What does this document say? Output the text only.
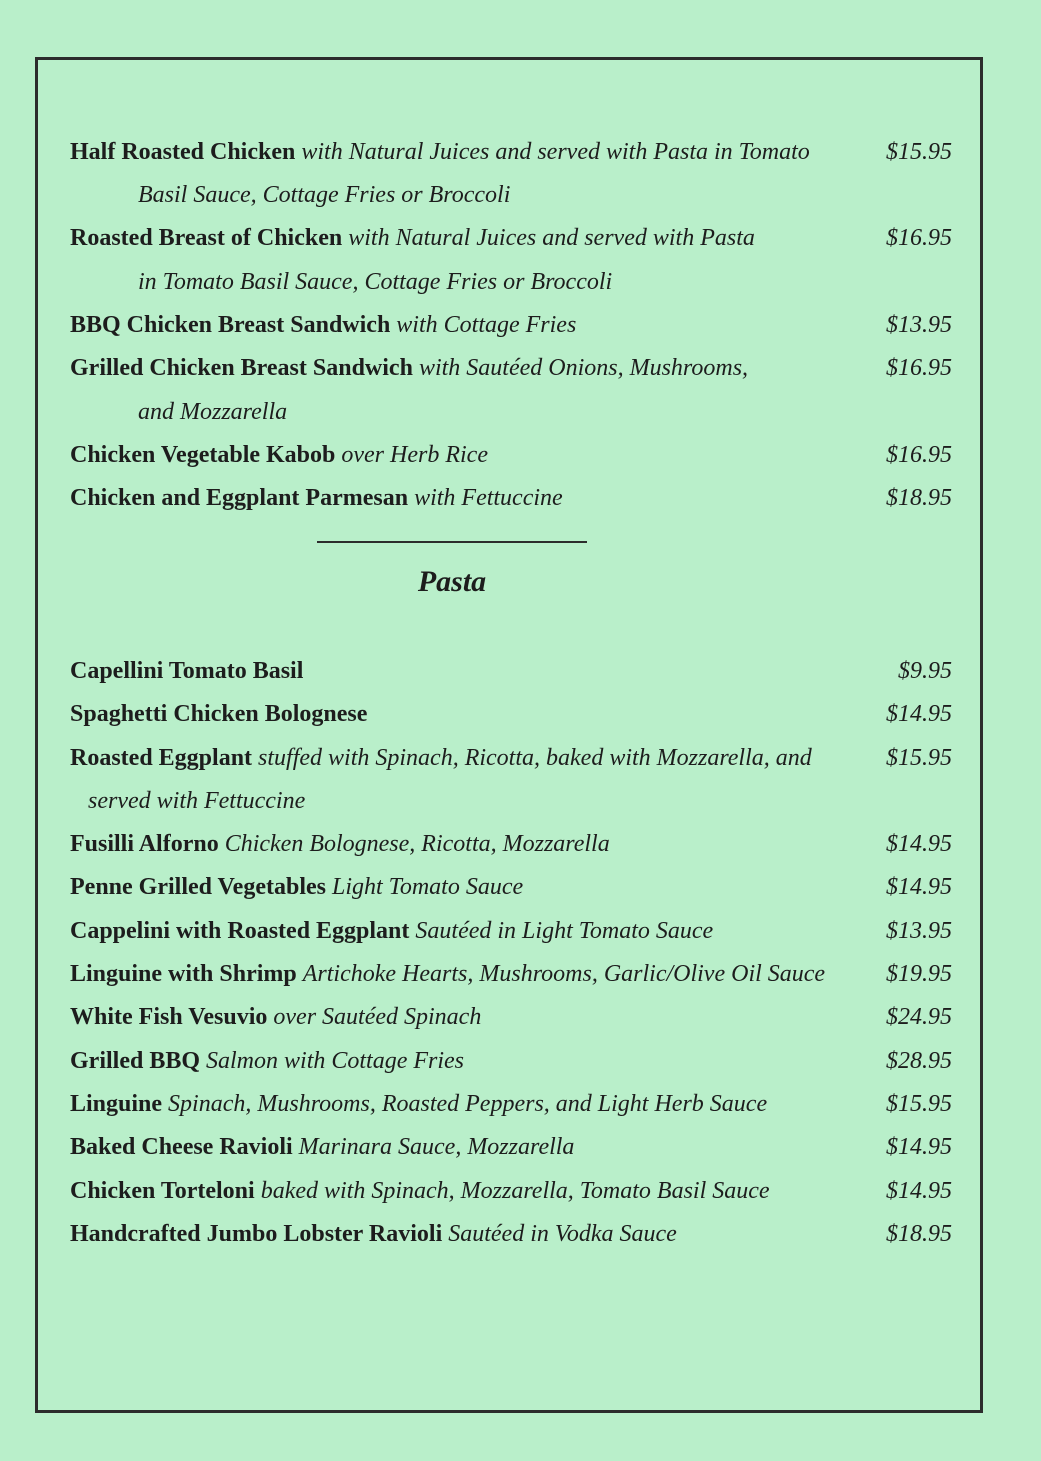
Half Roasted Chicken with Natural Juices and served with Pasta in Tomato	$15.95
Basil Sauce, Cottage Fries or Broccoli
Roasted Breast of Chicken with Natural Juices and served with Pasta	$16.95
in Tomato Basil Sauce, Cottage Fries or Broccoli
BBQ Chicken Breast Sandwich with Cottage Fries	$13.95
Grilled Chicken Breast Sandwich with Sautéed Onions, Mushrooms,	$16.95
and Mozzarella
Chicken Vegetable Kabob over Herb Rice	$16.95
Chicken and Eggplant Parmesan with Fettuccine	$18.95
Pasta
Capellini Tomato Basil	$9.95
Spaghetti Chicken Bolognese	$14.95
Roasted Eggplant stuffed with Spinach, Ricotta, baked with Mozzarella, and	$15.95
served with Fettuccine
Fusilli Alforno Chicken Bolognese, Ricotta, Mozzarella	$14.95
Penne Grilled Vegetables Light Tomato Sauce	$14.95
Cappelini with Roasted Eggplant Sautéed in Light Tomato Sauce	$13.95
Linguine with Shrimp Artichoke Hearts, Mushrooms, Garlic/Olive Oil Sauce	$19.95
White Fish Vesuvio over Sautéed Spinach	$24.95
Grilled BBQ Salmon with Cottage Fries	$28.95
Linguine Spinach, Mushrooms, Roasted Peppers, and Light Herb Sauce	$15.95
Baked Cheese Ravioli Marinara Sauce, Mozzarella	$14.95
Chicken Torteloni baked with Spinach, Mozzarella, Tomato Basil Sauce	$14.95
Handcrafted Jumbo Lobster Ravioli Sautéed in Vodka Sauce	$18.95
